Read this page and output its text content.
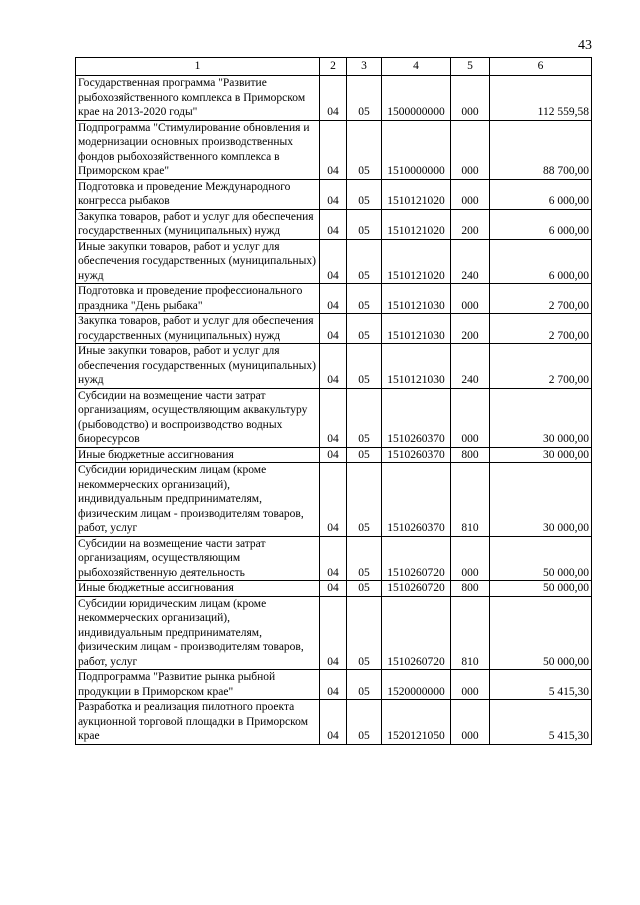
43
1	2	3	4	5	6
Государственная программа "Развитие рыбохозяйственного комплекса в Приморском крае на 2013-2020 годы"	04	05	1500000000	000	112 559,58
Подпрограмма "Стимулирование обновления и модернизации основных производственных фондов рыбохозяйственного комплекса в Приморском крае"	04	05	1510000000	000	88 700,00
Подготовка и проведение Международного конгресса рыбаков	04	05	1510121020	000	6 000,00
Закупка товаров, работ и услуг для обеспечения государственных (муниципальных) нужд	04	05	1510121020	200	6 000,00
Иные закупки товаров, работ и услуг для обеспечения государственных (муниципальных) нужд	04	05	1510121020	240	6 000,00
Подготовка и проведение профессионального праздника "День рыбака"	04	05	1510121030	000	2 700,00
Закупка товаров, работ и услуг для обеспечения государственных (муниципальных) нужд	04	05	1510121030	200	2 700,00
Иные закупки товаров, работ и услуг для обеспечения государственных (муниципальных) нужд	04	05	1510121030	240	2 700,00
Субсидии на возмещение части затрат организациям, осуществляющим аквакультуру (рыбоводство) и воспроизводство водных биоресурсов	04	05	1510260370	000	30 000,00
Иные бюджетные ассигнования	04	05	1510260370	800	30 000,00
Субсидии юридическим лицам (кроме некоммерческих организаций), индивидуальным предпринимателям, физическим лицам - производителям товаров, работ, услуг	04	05	1510260370	810	30 000,00
Субсидии на возмещение части затрат организациям, осуществляющим рыбохозяйственную деятельность	04	05	1510260720	000	50 000,00
Иные бюджетные ассигнования	04	05	1510260720	800	50 000,00
Субсидии юридическим лицам (кроме некоммерческих организаций), индивидуальным предпринимателям, физическим лицам - производителям товаров, работ, услуг	04	05	1510260720	810	50 000,00
Подпрограмма "Развитие рынка рыбной продукции в Приморском крае"	04	05	1520000000	000	5 415,30
Разработка и реализация пилотного проекта аукционной торговой площадки в Приморском крае	04	05	1520121050	000	5 415,30
